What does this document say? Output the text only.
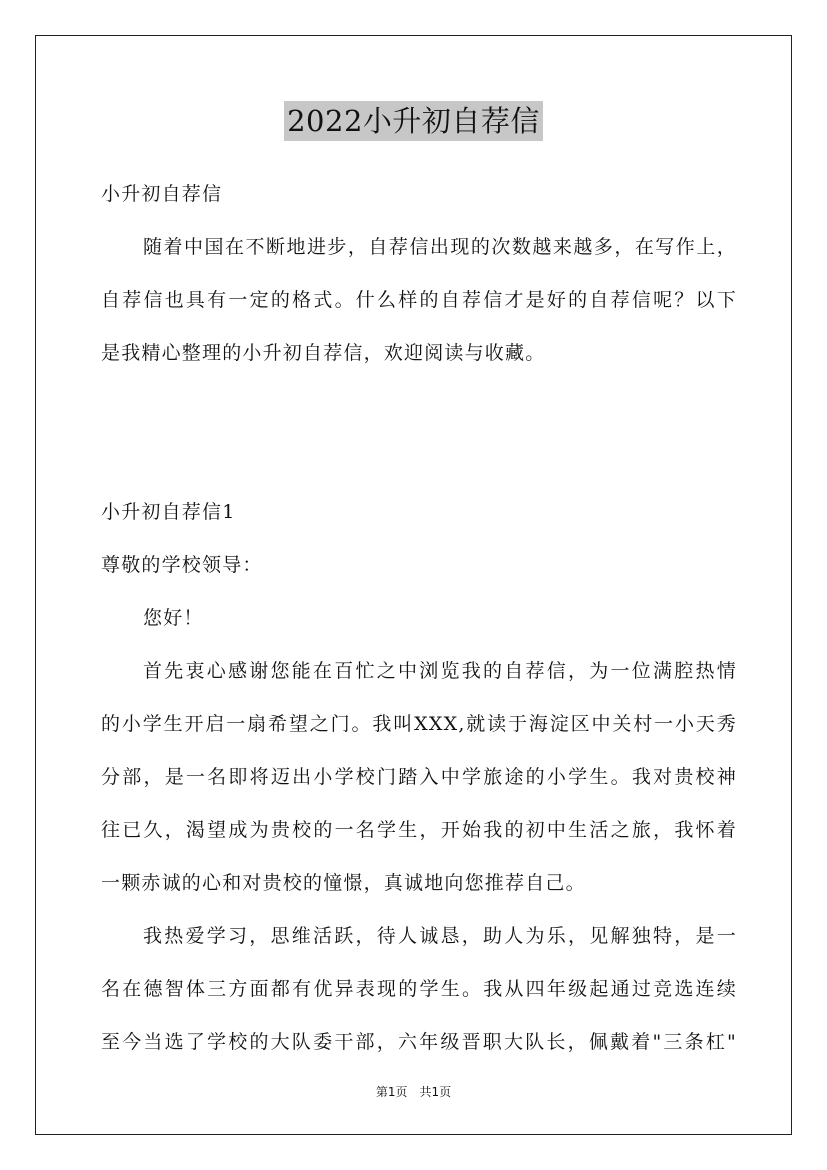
2022小升初自荐信
小升初自荐信
随着中国在不断地进步，自荐信出现的次数越来越多，在写作上，
自荐信也具有一定的格式。什么样的自荐信才是好的自荐信呢？以下
是我精心整理的小升初自荐信，欢迎阅读与收藏。
小升初自荐信1
尊敬的学校领导：
您好！
首先衷心感谢您能在百忙之中浏览我的自荐信，为一位满腔热情
的小学生开启一扇希望之门。我叫XXX,就读于海淀区中关村一小天秀
分部，是一名即将迈出小学校门踏入中学旅途的小学生。我对贵校神
往已久，渴望成为贵校的一名学生，开始我的初中生活之旅，我怀着
一颗赤诚的心和对贵校的憧憬，真诚地向您推荐自己。
我热爱学习，思维活跃，待人诚恳，助人为乐，见解独特，是一
名在德智体三方面都有优异表现的学生。我从四年级起通过竞选连续
至今当选了学校的大队委干部，六年级晋职大队长，佩戴着"三条杠"
第1页　共1页
